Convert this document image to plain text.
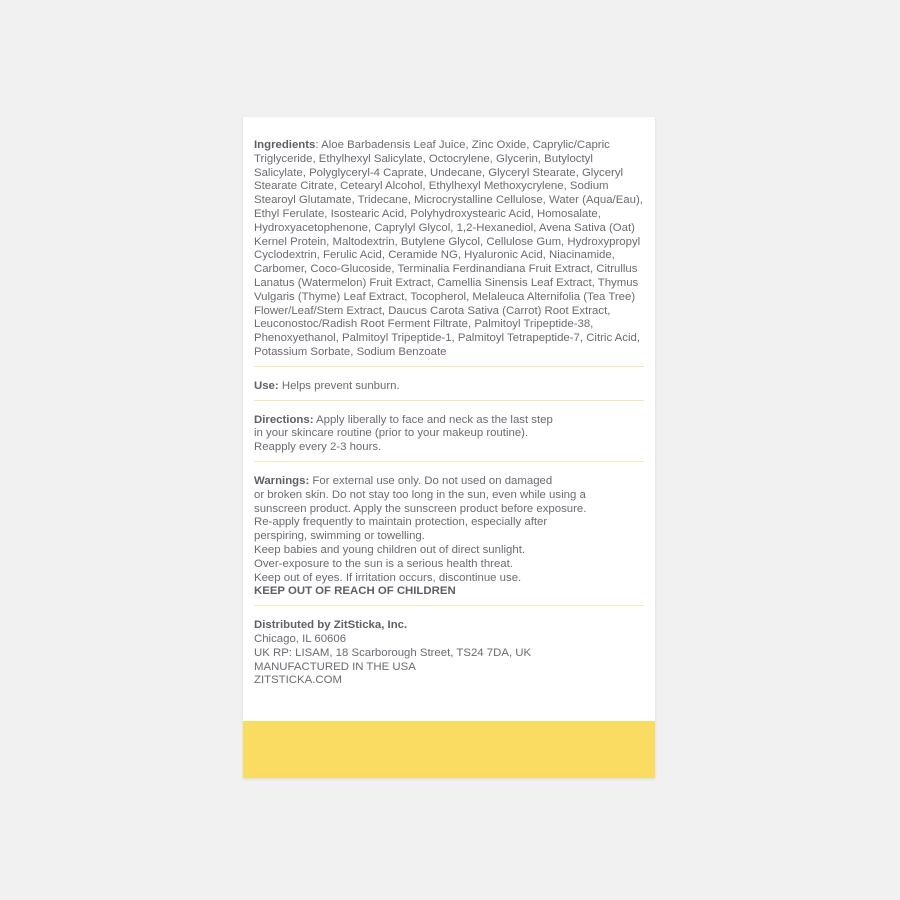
Ingredients: Aloe Barbadensis Leaf Juice, Zinc Oxide, Caprylic/Capric Triglyceride, Ethylhexyl Salicylate, Octocrylene, Glycerin, Butyloctyl Salicylate, Polyglyceryl-4 Caprate, Undecane, Glyceryl Stearate, Glyceryl Stearate Citrate, Cetearyl Alcohol, Ethylhexyl Methoxycrylene, Sodium Stearoyl Glutamate, Tridecane, Microcrystalline Cellulose, Water (Aqua/Eau), Ethyl Ferulate, Isostearic Acid, Polyhydroxystearic Acid, Homosalate, Hydroxyacetophenone, Caprylyl Glycol, 1,2-Hexanediol, Avena Sativa (Oat) Kernel Protein, Maltodextrin, Butylene Glycol, Cellulose Gum, Hydroxypropyl Cyclodextrin, Ferulic Acid, Ceramide NG, Hyaluronic Acid, Niacinamide, Carbomer, Coco-Glucoside, Terminalia Ferdinandiana Fruit Extract, Citrullus Lanatus (Watermelon) Fruit Extract, Camellia Sinensis Leaf Extract, Thymus Vulgaris (Thyme) Leaf Extract, Tocopherol, Melaleuca Alternifolia (Tea Tree) Flower/Leaf/Stem Extract, Daucus Carota Sativa (Carrot) Root Extract, Leuconostoc/Radish Root Ferment Filtrate, Palmitoyl Tripeptide-38, Phenoxyethanol, Palmitoyl Tripeptide-1, Palmitoyl Tetrapeptide-7, Citric Acid, Potassium Sorbate, Sodium Benzoate

Use: Helps prevent sunburn.

Directions: Apply liberally to face and neck as the last step
in your skincare routine (prior to your makeup routine).
Reapply every 2-3 hours.

Warnings: For external use only. Do not used on damaged
or broken skin. Do not stay too long in the sun, even while using a
sunscreen product. Apply the sunscreen product before exposure.
Re-apply frequently to maintain protection, especially after
perspiring, swimming or towelling.
Keep babies and young children out of direct sunlight.
Over-exposure to the sun is a serious health threat.
Keep out of eyes. If irritation occurs, discontinue use.

KEEP OUT OF REACH OF CHILDREN

Distributed by ZitSticka, Inc.

Chicago, IL 60606

UK RP: LISAM, 18 Scarborough Street, TS24 7DA, UK

MANUFACTURED IN THE USA

ZITSTICKA.COM
